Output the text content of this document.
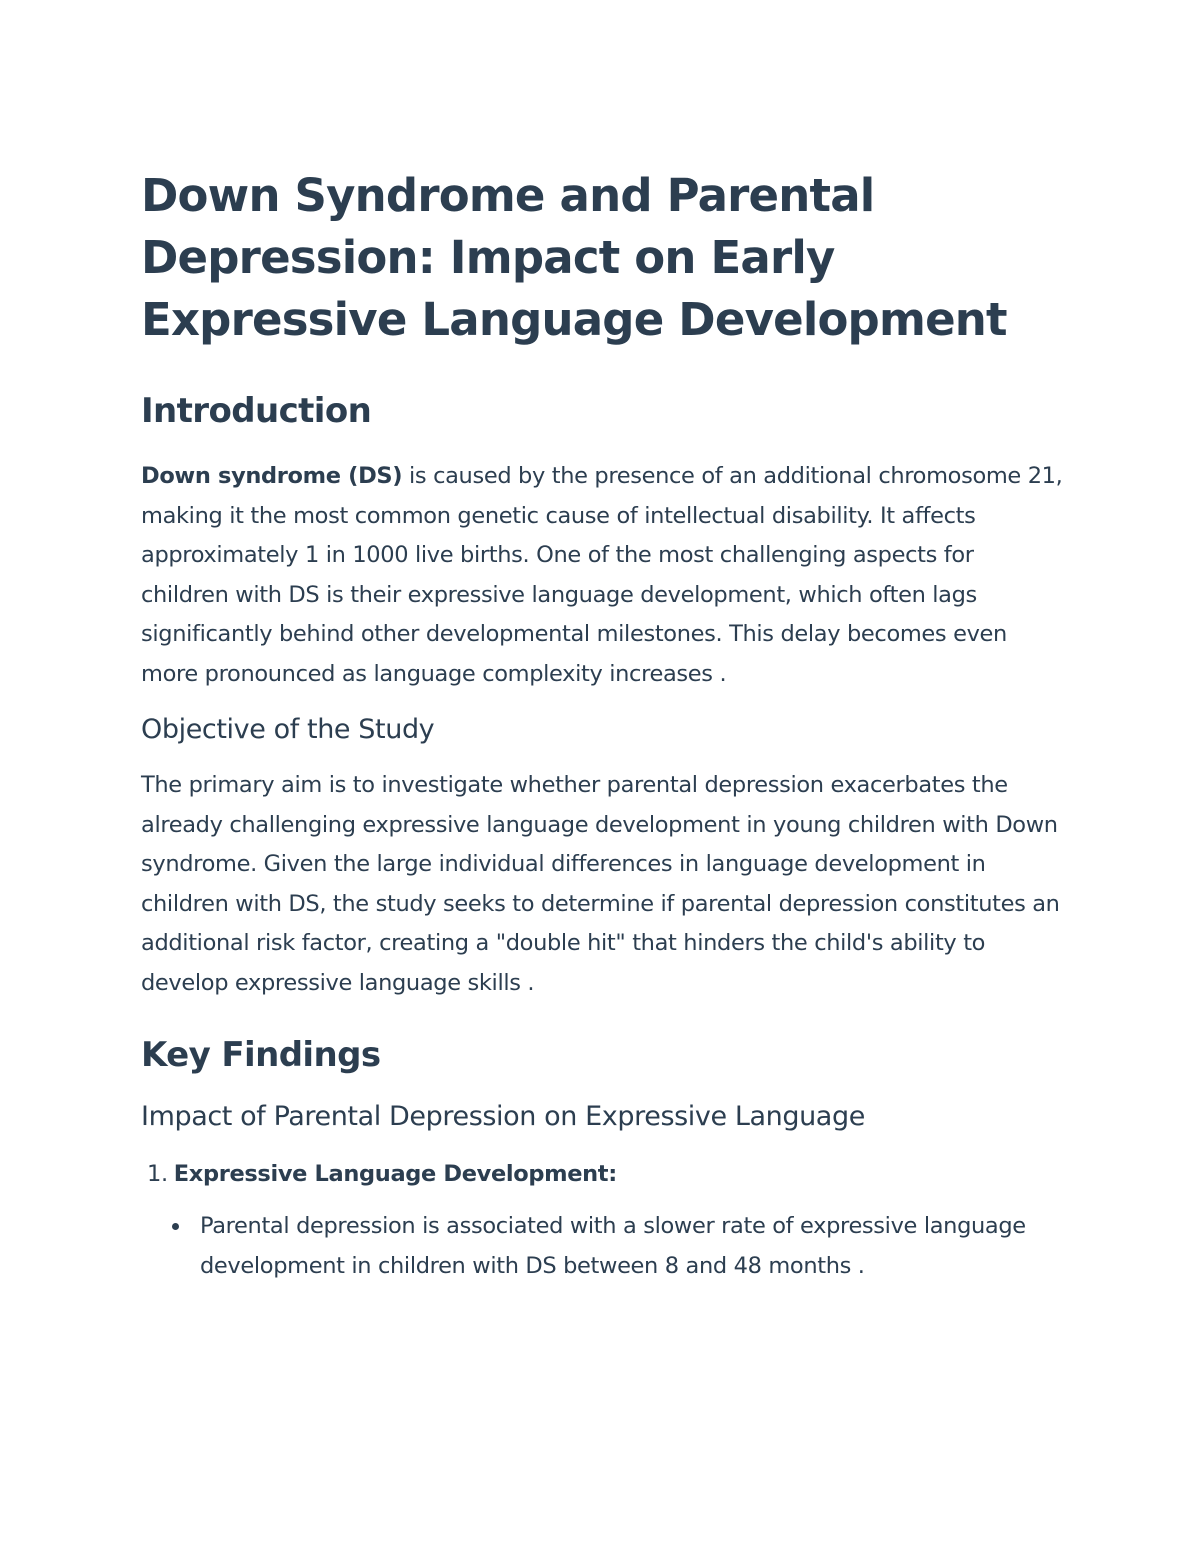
Down Syndrome and Parental Depression: Impact on Early Expressive Language Development
Introduction

Down syndrome (DS) is caused by the presence of an additional chromosome 21, making it the most common genetic cause of intellectual disability. It affects approximately 1 in 1000 live births. One of the most challenging aspects for children with DS is their expressive language development, which often lags significantly behind other developmental milestones. This delay becomes even more pronounced as language complexity increases .

Objective of the Study

The primary aim is to investigate whether parental depression exacerbates the already challenging expressive language development in young children with Down syndrome. Given the large individual differences in language development in children with DS, the study seeks to determine if parental depression constitutes an additional risk factor, creating a "double hit" that hinders the child's ability to develop expressive language skills .

Key Findings
Impact of Parental Depression on Expressive Language
1. Expressive Language Development:
Parental depression is associated with a slower rate of expressive language development in children with DS between 8 and 48 months .
